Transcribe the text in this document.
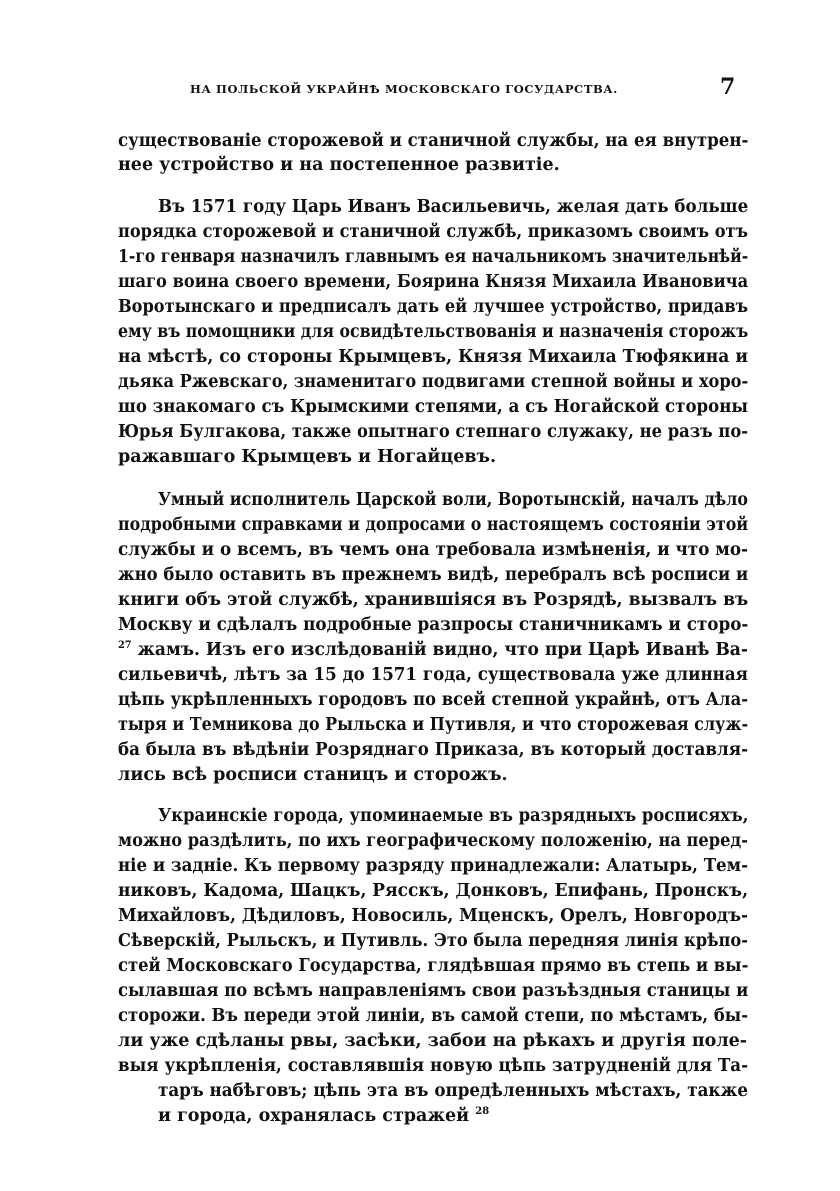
НА ПОЛЬСКОЙ УКРАЙНѢ МОСКОВСКАГО ГОСУДАРСТВА.	7
существованіе сторожевой и станичной службы, на ея внутрен-
нее устройство и на постепенное развитіе.
Въ 1571 году Царь Иванъ Васильевичь, желая дать больше
порядка сторожевой и станичной службѣ, приказомъ своимъ отъ
1-го генваря назначилъ главнымъ ея начальникомъ значительнѣй-
шаго воина своего времени, Боярина Князя Михаила Ивановича
Воротынскаго и предписалъ дать ей лучшее устройство, придавъ
ему въ помощники для освидѣтельствованія и назначенія сторожъ
на мѣстѣ, со стороны Крымцевъ, Князя Михаила Тюфякина и
дьяка Ржевскаго, знаменитаго подвигами степной войны и хоро-
шо знакомаго съ Крымскими степями, а съ Ногайской стороны
Юрья Булгакова, также опытнаго степнаго служаку, не разъ по-
ражавшаго Крымцевъ и Ногайцевъ.
Умный исполнитель Царской воли, Воротынскій, началъ дѣло
подробными справками и допросами о настоящемъ состояніи этой
службы и о всемъ, въ чемъ она требовала измѣненія, и что мо-
жно было оставить въ прежнемъ видѣ, перебралъ всѣ росписи и
книги объ этой службѣ, хранившіяся въ Розрядѣ, вызвалъ въ
Москву и сдѣлалъ подробные разпросы станичникамъ и сторо-
$^{27}$ жамъ. Изъ его изслѣдованій видно, что при Царѣ Иванѣ Ва-
сильевичѣ, лѣтъ за 15 до 1571 года, существовала уже длинная
цѣпь укрѣпленныхъ городовъ по всей степной украйнѣ, отъ Ала-
тыря и Темникова до Рыльска и Путивля, и что сторожевая служ-
ба была въ вѣдѣніи Розряднаго Приказа, въ который доставля-
лись всѣ росписи станицъ и сторожъ.
Украинскіе города, упоминаемые въ разрядныхъ росписяхъ,
можно раздѣлить, по ихъ географическому положенію, на перед-
ніе и задніе. Къ первому разряду принадлежали: Алатырь, Тем-
никовъ, Кадома, Шацкъ, Рясскъ, Донковъ, Епифань, Пронскъ,
Михайловъ, Дѣдиловъ, Новосиль, Мценскъ, Орелъ, Новгородъ-
Сѣверскій, Рыльскъ, и Путивль. Это была передняя линія крѣпо-
стей Московскаго Государства, глядѣвшая прямо въ степь и вы-
сылавшая по всѣмъ направленіямъ свои разъѣздныя станицы и
сторожи. Въ переди этой линіи, въ самой степи, по мѣстамъ, бы-
ли уже сдѣланы рвы, засѣки, забои на рѣкахъ и другія поле-
выя укрѣпленія, составлявшія новую цѣпь затрудненій для Та-
таръ набѣговъ; цѣпь эта въ опредѣленныхъ мѣстахъ, также
и города, охранялась стражей $^{28}$
